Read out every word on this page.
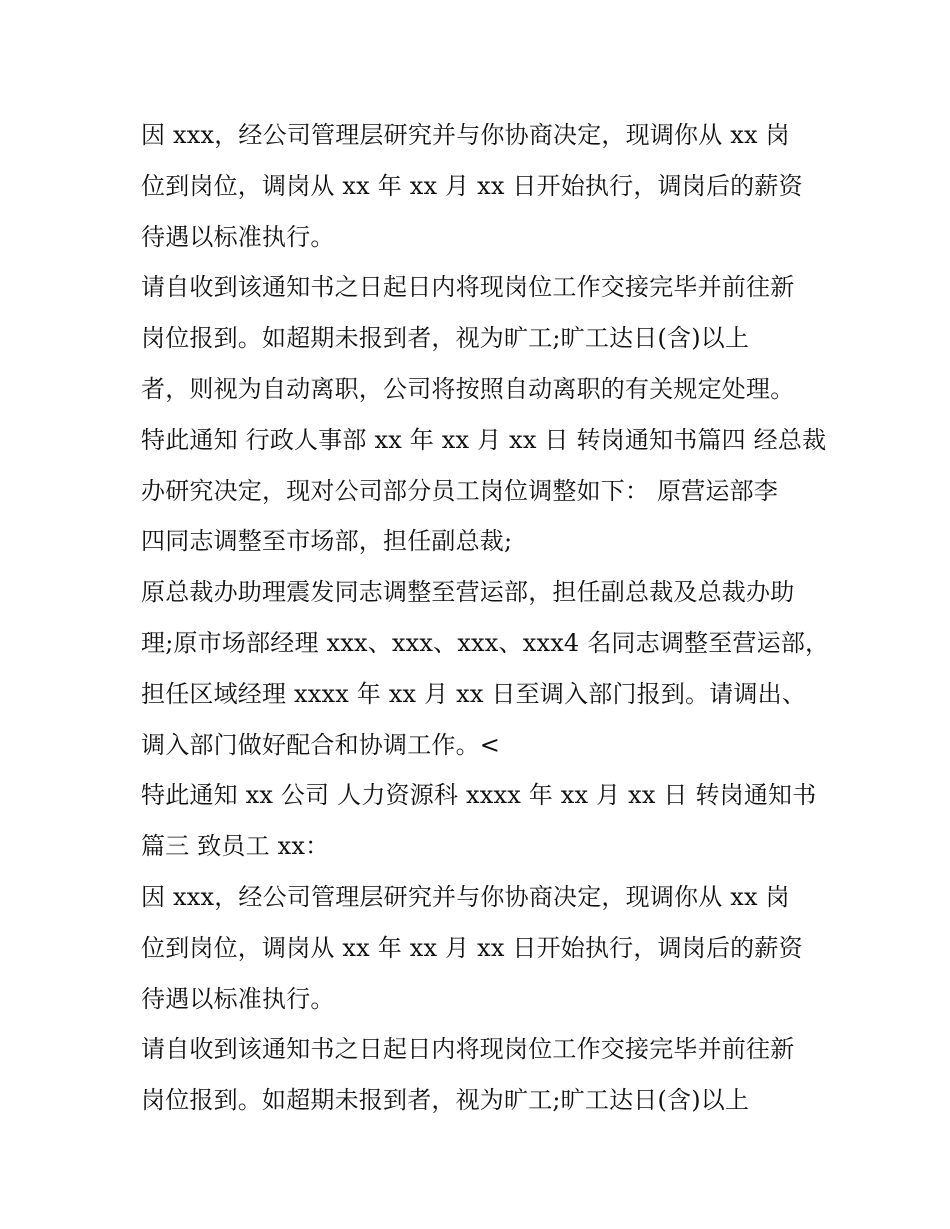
因 xxx，经公司管理层研究并与你协商决定，现调你从 xx 岗
位到岗位，调岗从 xx 年 xx 月 xx 日开始执行，调岗后的薪资
待遇以标准执行。
请自收到该通知书之日起日内将现岗位工作交接完毕并前往新
岗位报到。如超期未报到者，视为旷工;旷工达日(含)以上
者，则视为自动离职，公司将按照自动离职的有关规定处理。
特此通知 行政人事部 xx 年 xx 月 xx 日 转岗通知书篇四 经总裁
办研究决定，现对公司部分员工岗位调整如下： 原营运部李
四同志调整至市场部，担任副总裁;
原总裁办助理震发同志调整至营运部，担任副总裁及总裁办助
理;原市场部经理 xxx、xxx、xxx、xxx4 名同志调整至营运部，
担任区域经理 xxxx 年 xx 月 xx 日至调入部门报到。请调出、
调入部门做好配合和协调工作。<
特此通知 xx 公司 人力资源科 xxxx 年 xx 月 xx 日 转岗通知书
篇三 致员工 xx：
因 xxx，经公司管理层研究并与你协商决定，现调你从 xx 岗
位到岗位，调岗从 xx 年 xx 月 xx 日开始执行，调岗后的薪资
待遇以标准执行。
请自收到该通知书之日起日内将现岗位工作交接完毕并前往新
岗位报到。如超期未报到者，视为旷工;旷工达日(含)以上
